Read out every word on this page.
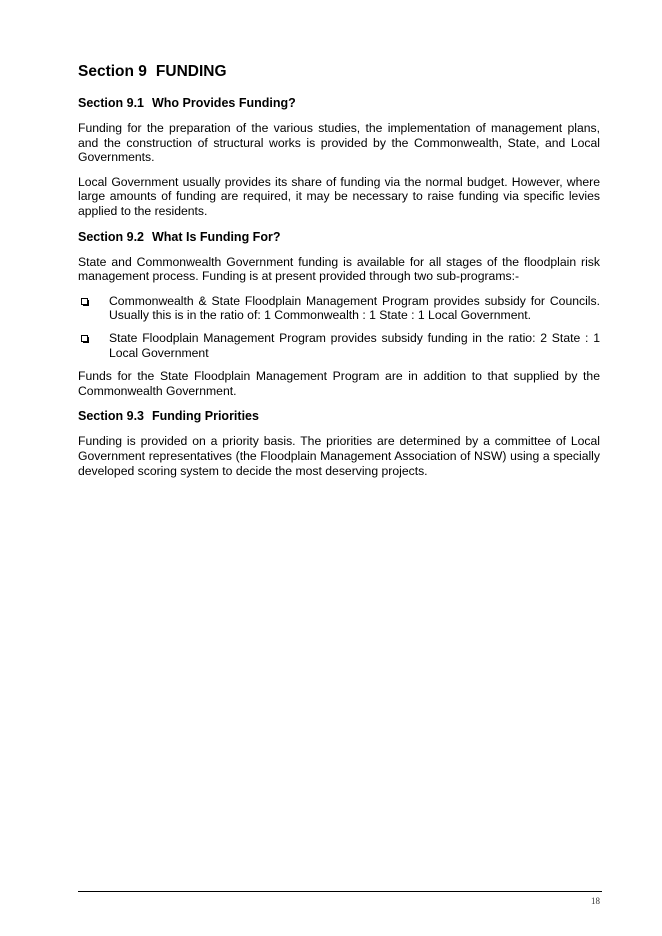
Section 9 FUNDING
Section 9.1 Who Provides Funding?

Funding for the preparation of the various studies, the implementation of management plans, and the construction of structural works is provided by the Commonwealth, State, and Local Governments.

Local Government usually provides its share of funding via the normal budget. However, where large amounts of funding are required, it may be necessary to raise funding via specific levies applied to the residents.

Section 9.2 What Is Funding For?

State and Commonwealth Government funding is available for all stages of the floodplain risk management process. Funding is at present provided through two sub-programs:-

Commonwealth & State Floodplain Management Program provides subsidy for Councils. Usually this is in the ratio of: 1 Commonwealth : 1 State : 1 Local Government.
State Floodplain Management Program provides subsidy funding in the ratio: 2 State : 1 Local Government

Funds for the State Floodplain Management Program are in addition to that supplied by the Commonwealth Government.

Section 9.3 Funding Priorities

Funding is provided on a priority basis. The priorities are determined by a committee of Local Government representatives (the Floodplain Management Association of NSW) using a specially developed scoring system to decide the most deserving projects.

18
